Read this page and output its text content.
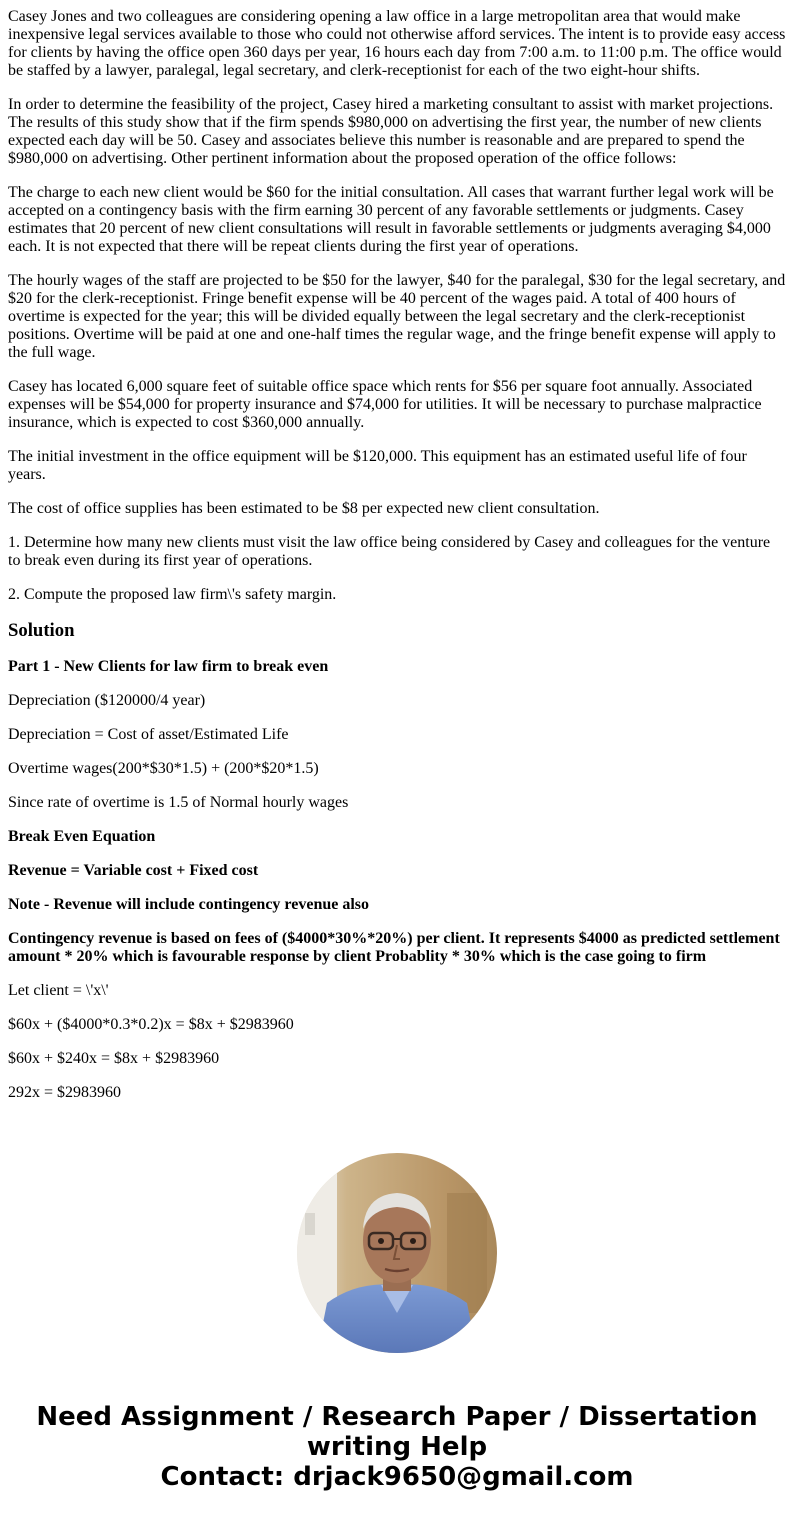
Casey Jones and two colleagues are considering opening a law office in a large metropolitan area that would make inexpensive legal services available to those who could not otherwise afford services. The intent is to provide easy access for clients by having the office open 360 days per year, 16 hours each day from 7:00 a.m. to 11:00 p.m. The office would be staffed by a lawyer, paralegal, legal secretary, and clerk-receptionist for each of the two eight-hour shifts.

In order to determine the feasibility of the project, Casey hired a marketing consultant to assist with market projections. The results of this study show that if the firm spends $980,000 on advertising the first year, the number of new clients expected each day will be 50. Casey and associates believe this number is reasonable and are prepared to spend the $980,000 on advertising. Other pertinent information about the proposed operation of the office follows:

The charge to each new client would be $60 for the initial consultation. All cases that warrant further legal work will be accepted on a contingency basis with the firm earning 30 percent of any favorable settlements or judgments. Casey estimates that 20 percent of new client consultations will result in favorable settlements or judgments averaging $4,000 each. It is not expected that there will be repeat clients during the first year of operations.

The hourly wages of the staff are projected to be $50 for the lawyer, $40 for the paralegal, $30 for the legal secretary, and $20 for the clerk-receptionist. Fringe benefit expense will be 40 percent of the wages paid. A total of 400 hours of overtime is expected for the year; this will be divided equally between the legal secretary and the clerk-receptionist positions. Overtime will be paid at one and one-half times the regular wage, and the fringe benefit expense will apply to the full wage.

Casey has located 6,000 square feet of suitable office space which rents for $56 per square foot annually. Associated expenses will be $54,000 for property insurance and $74,000 for utilities. It will be necessary to purchase malpractice insurance, which is expected to cost $360,000 annually.

The initial investment in the office equipment will be $120,000. This equipment has an estimated useful life of four years.

The cost of office supplies has been estimated to be $8 per expected new client consultation.

1. Determine how many new clients must visit the law office being considered by Casey and colleagues for the venture to break even during its first year of operations.

2. Compute the proposed law firm\'s safety margin.

Solution

Part 1 - New Clients for law firm to break even

Depreciation ($120000/4 year)

Depreciation = Cost of asset/Estimated Life

Overtime wages(200*$30*1.5) + (200*$20*1.5)

Since rate of overtime is 1.5 of Normal hourly wages

Break Even Equation

Revenue = Variable cost + Fixed cost

Note - Revenue will include contingency revenue also

Contingency revenue is based on fees of ($4000*30%*20%) per client. It represents $4000 as predicted settlement amount * 20% which is favourable response by client Probablity * 30% which is the case going to firm

Let client = \'x\'

$60x + ($4000*0.3*0.2)x = $8x + $2983960

$60x + $240x = $8x + $2983960

292x = $2983960

Need Assignment / Research Paper / Dissertation
writing Help
Contact: drjack9650@gmail.com
